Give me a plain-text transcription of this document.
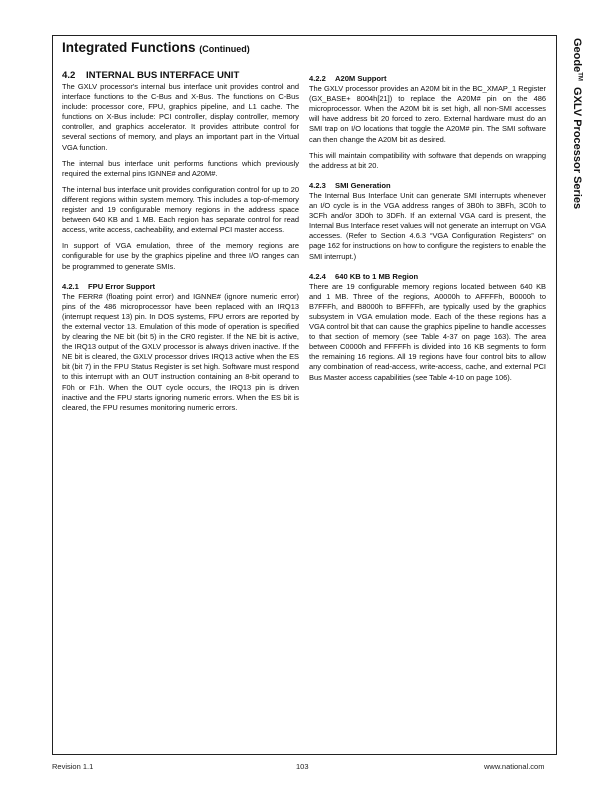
Integrated Functions (Continued)	Geode™  GXLV Processor Series
4.2 INTERNAL BUS INTERFACE UNIT

The GXLV processor's internal bus interface unit provides control and interface functions to the C-Bus and X-Bus. The functions on C-Bus include: processor core, FPU, graphics pipeline, and L1 cache. The functions on X-Bus include: PCI controller, display controller, memory controller, and graphics accelerator. It provides attribute control for several sections of memory, and plays an important part in the Virtual VGA function.

The internal bus interface unit performs functions which previously required the external pins IGNNE# and A20M#.

The internal bus interface unit provides configuration control for up to 20 different regions within system memory. This includes a top-of-memory register and 19 configurable memory regions in the address space between 640 KB and 1 MB. Each region has separate control for read access, write access, cacheability, and external PCI master access.

In support of VGA emulation, three of the memory regions are configurable for use by the graphics pipeline and three I/O ranges can be programmed to generate SMIs.

4.2.1 FPU Error Support

The FERR# (floating point error) and IGNNE# (ignore numeric error) pins of the 486 microprocessor have been replaced with an IRQ13 (interrupt request 13) pin. In DOS systems, FPU errors are reported by the external vector 13. Emulation of this mode of operation is specified by clearing the NE bit (bit 5) in the CR0 register. If the NE bit is active, the IRQ13 output of the GXLV processor is always driven inactive. If the NE bit is cleared, the GXLV processor drives IRQ13 active when the ES bit (bit 7) in the FPU Status Register is set high. Software must respond to this interrupt with an OUT instruction containing an 8-bit operand to F0h or F1h. When the OUT cycle occurs, the IRQ13 pin is driven inactive and the FPU starts ignoring numeric errors. When the ES bit is cleared, the FPU resumes monitoring numeric errors.

4.2.2 A20M Support

The GXLV processor provides an A20M bit in the BC_XMAP_1 Register (GX_BASE+ 8004h[21]) to replace the A20M# pin on the 486 microprocessor. When the A20M bit is set high, all non-SMI accesses will have address bit 20 forced to zero. External hardware must do an SMI trap on I/O locations that toggle the A20M# pin. The SMI software can then change the A20M bit as desired.

This will maintain compatibility with software that depends on wrapping the address at bit 20.

4.2.3 SMI Generation

The Internal Bus Interface Unit can generate SMI interrupts whenever an I/O cycle is in the VGA address ranges of 3B0h to 3BFh, 3C0h to 3CFh and/or 3D0h to 3DFh. If an external VGA card is present, the Internal Bus Interface reset values will not generate an interrupt on VGA accesses. (Refer to Section 4.6.3 “VGA Configuration Registers” on page 162 for instructions on how to configure the registers to enable the SMI interrupt.)

4.2.4 640 KB to 1 MB Region

There are 19 configurable memory regions located between 640 KB and 1 MB. Three of the regions, A0000h to AFFFFh, B0000h to B7FFFh, and B8000h to BFFFFh, are typically used by the graphics subsystem in VGA emulation mode. Each of the these regions has a VGA control bit that can cause the graphics pipeline to handle accesses to that section of memory (see Table 4-37 on page 163). The area between C0000h and FFFFFh is divided into 16 KB segments to form the remaining 16 regions. All 19 regions have four control bits to allow any combination of read-access, write-access, cache, and external PCI Bus Master access capabilities (see Table 4-10 on page 106).

Revision 1.1	103	www.national.com
